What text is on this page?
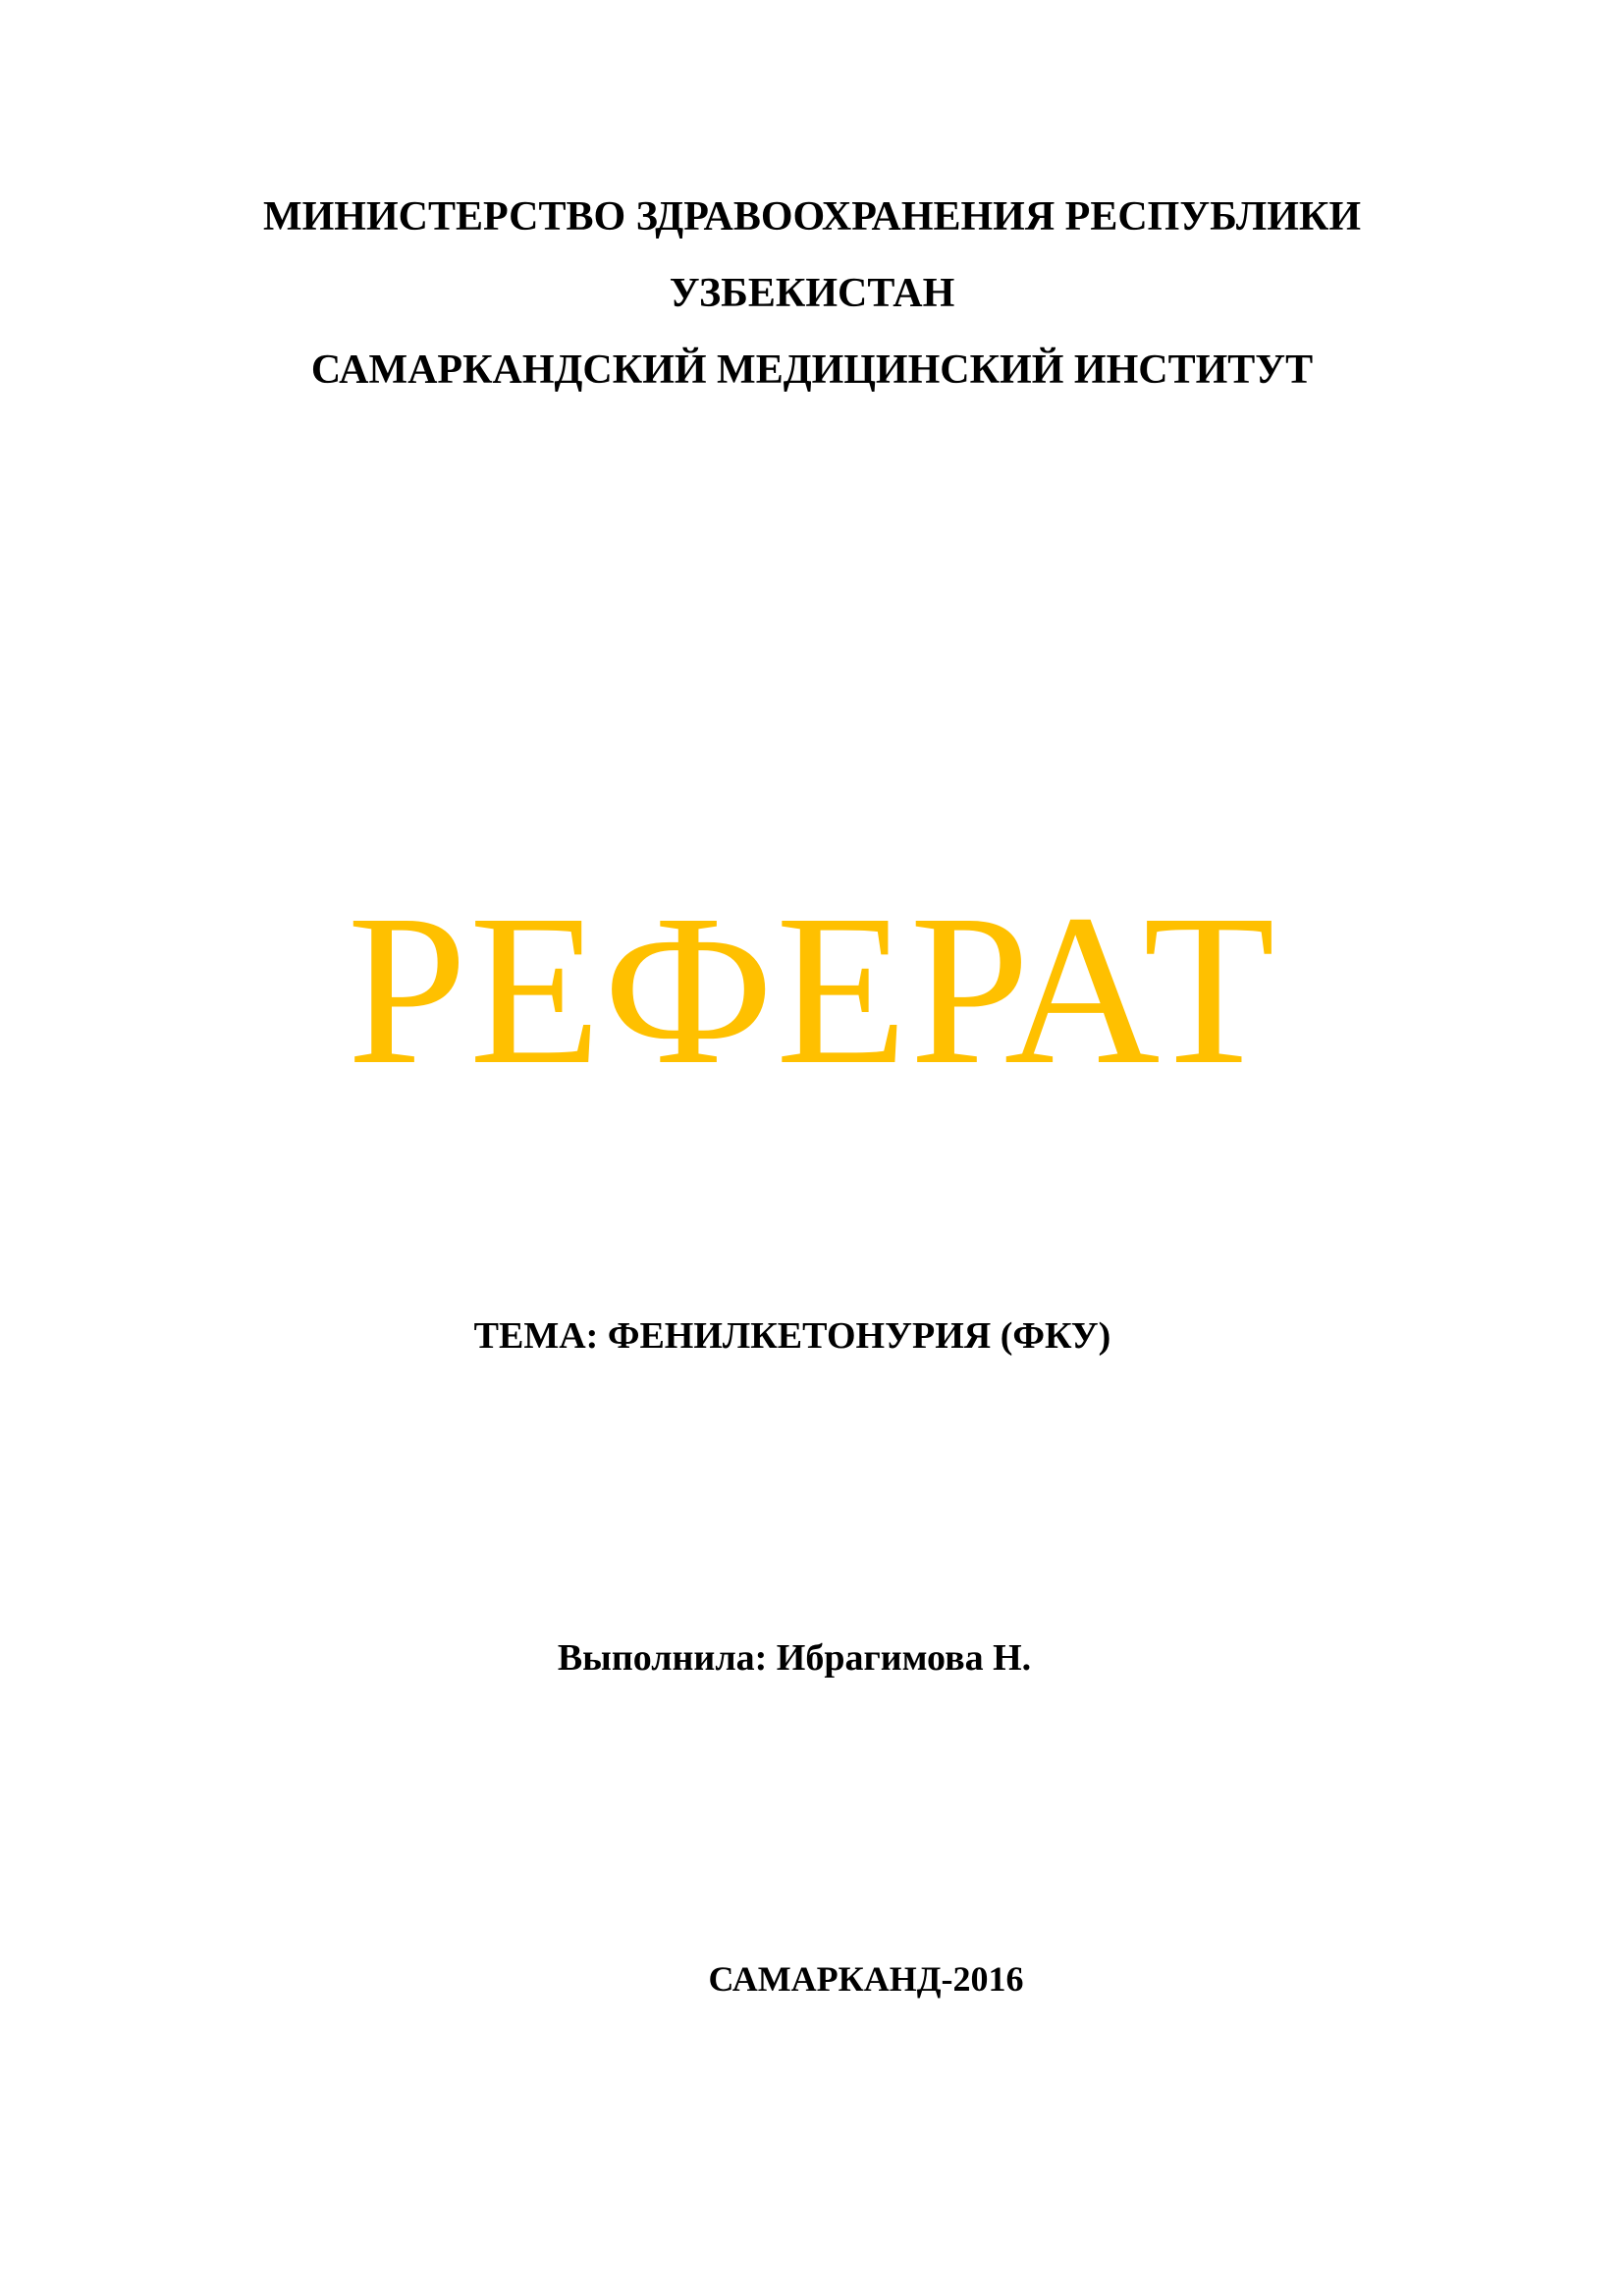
МИНИСТЕРСТВО ЗДРАВООХРАНЕНИЯ РЕСПУБЛИКИ
УЗБЕКИСТАН
САМАРКАНДСКИЙ МЕДИЦИНСКИЙ ИНСТИТУТ
РЕФЕРАТ
ТЕМА: ФЕНИЛКЕТОНУРИЯ (ФКУ)
Выполнила: Ибрагимова Н.
САМАРКАНД-2016
